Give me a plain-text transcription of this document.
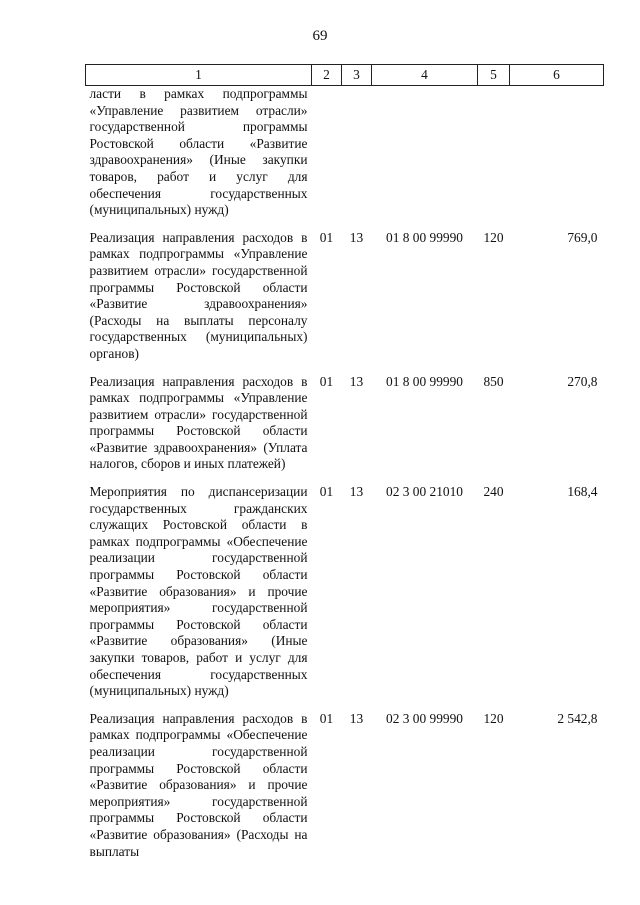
69
1	2	3	4	5	6
ласти в рамках подпрограммы «Управление развитием отрасли» государственной программы Ростовской области «Развитие здравоохранения» (Иные закупки товаров, работ и услуг для обеспечения государственных (муниципальных) нужд)					
Реализация направления расходов в рамках подпрограммы «Управление развитием отрасли» государственной программы Ростовской области «Развитие здравоохранения» (Расходы на выплаты персоналу государственных (муниципальных) органов)	01	13	01 8 00 99990	120	769,0
Реализация направления расходов в рамках подпрограммы «Управление развитием отрасли» государственной программы Ростовской области «Развитие здравоохранения» (Уплата налогов, сборов и иных платежей)	01	13	01 8 00 99990	850	270,8
Мероприятия по диспансеризации государственных гражданских служащих Ростовской области в рамках подпрограммы «Обеспечение реализации государственной программы Ростовской области «Развитие образования» и прочие мероприятия» государственной программы Ростовской области «Развитие образования» (Иные закупки товаров, работ и услуг для обеспечения государственных (муниципальных) нужд)	01	13	02 3 00 21010	240	168,4
Реализация направления расходов в рамках подпрограммы «Обеспечение реализации государственной программы Ростовской области «Развитие образования» и прочие мероприятия» государственной программы Ростовской области «Развитие образования» (Расходы на выплаты	01	13	02 3 00 99990	120	2 542,8
